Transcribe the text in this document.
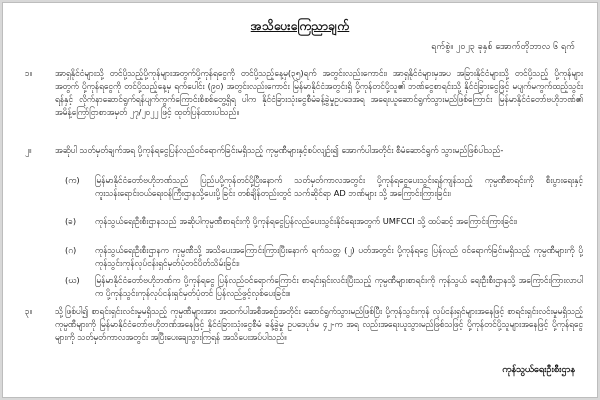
အသိပေးကြေညာချက်
ရက်စွဲ။ ၂၀၂၃ ခုနှစ် အောက်တိုဘာလ ၆ ရက်
၁။	အာရှနိုင်ငံများသို့ တင်ပို့သည့်ပို့ကုန်များအတွက်ပို့ကုန်ရငွေကို တင်ပို့သည့်နေ့မှ(၃၅)ရက် အတွင်းလည်းကောင်း၊ အာရှနိုင်ငံများမှအပ အခြားနိုင်ငံများသို့ တင်ပို့သည့် ပို့ကုန်များအတွက် ပို့ကုန်ရငွေကို တင်ပို့သည့်နေ့မှ ရက်ပေါင်း (၉၀) အတွင်းလည်းကောင်း မြန်မာနိုင်ငံအတွင်းရှိ ပို့ကုန်တင်ပို့သူ၏ ဘဏ်ငွေစာရင်းသို့ နိုင်ငံခြားငွေဖြင့် မပျက်မကွက်ထည့်သွင်းရန်နှင့် လိုက်နာဆောင်ရွက်ရန်ပျက်ကွက်ကြောင်းစိစစ်တွေ့ရှိရ ပါက နိုင်ငံခြားသုံးငွေစီမံခန့်ခွဲမှုဥပဒေအရ အရေးယူဆောင်ရွက်သွားမည်ဖြစ်ကြောင်း မြန်မာနိုင်ငံတော်ဗဟိုဘဏ်၏ အမိန့်ကြော်ငြာစာအမှတ် ၂၇/၂၀၂၂ ဖြင့် ထုတ်ပြန်ထားပါသည်။
၂။	အဆိုပါ သတ်မှတ်ချက်အရ ပို့ကုန်ရငွေပြန်လည်ဝင်ရောက်ခြင်းမရှိသည့် ကုမ္ပဏီများနှင့်စပ်လျဉ်း၍ အောက်ပါအတိုင်း စီမံဆောင်ရွက် သွားမည်ဖြစ်ပါသည်-
(က)	မြန်မာနိုင်ငံတော်ဗဟိုဘဏ်သည် ပြည်ပပို့ကုန်တင်ပို့ပြီးနောက် သတ်မှတ်ကာလအတွင်း ပို့ကုန်ရငွေပေးသွင်းရန်ကျန်သည့် ကုမ္ပဏီစာရင်းကို စီးပွားရေးနှင့်ကူးသန်းရောင်းဝယ်ရေးဝန်ကြီးဌာနသို့ပေးပို့ခြင်း တစ်ချိန်တည်းတွင် သက်ဆိုင်ရာ AD ဘဏ်များ သို့ အကြောင်းကြားခြင်း၊
(ခ)	ကုန်သွယ်ရေးဦးစီးဌာနသည် အဆိုပါကုမ္ပဏီစာရင်းကို ပို့ကုန်ရငွေပြန်လည်ပေးသွင်းနိုင်ရေးအတွက် UMFCCI သို့ ထပ်ဆင့် အကြောင်းကြားခြင်း၊
(ဂ)	ကုန်သွယ်ရေးဦးစီးဌာနက ကုမ္ပဏီသို့ အသိပေးအကြောင်းကြားပြီးနောက် ရက်သတ္တ (၂) ပတ်အတွင်း ပို့ကုန်ရငွေ ပြန်လည် ဝင်ရောက်ခြင်းမရှိသည့် ကုမ္ပဏီများကို ပို့ကုန်သွင်းကုန်လုပ်ငန်းရှင်မှတ်ပုံတင်ပိတ်သိမ်းခြင်း၊
(ဃ)	မြန်မာနိုင်ငံတော်ဗဟိုဘဏ်က ပို့ကုန်ရငွေ ပြန်လည်ဝင်ရောက်ကြောင်း စာရင်းရှင်းလင်းပြီးသည့် ကုမ္ပဏီများစာရင်းကို ကုန်သွယ် ရေးဦးစီးဌာနသို့ အကြောင်းကြားလာပါက ပို့ကုန်သွင်းကုန်လုပ်ငန်းရှင်မှတ်ပုံတင် ပြန်လည်ဖွင့်လှစ်ပေးခြင်း။
၃။	သို့ဖြစ်ပါ၍ စာရင်းရှင်းလင်းမှုမရှိသည့် ကုမ္ပဏီများအား အထက်ပါအစီအစဉ်အတိုင်း ဆောင်ရွက်သွားမည်ဖြစ်ပြီး ပို့ကုန်သွင်းကုန် လုပ်ငန်းရှင်များအနေဖြင့် စာရင်းရှင်းလင်းမှုမရှိသည့်ကုမ္ပဏီများကို မြန်မာနိုင်ငံတော်ဗဟိုဘဏ်အနေဖြင့် နိုင်ငံခြားသုံးငွေစီမံ ခန့်ခွဲမှု ဥပဒေပုဒ်မ ၄၂-က အရ လည်းအရေးယူသွားမည်ဖြစ်သဖြင့် ပို့ကုန်တင်ပို့သူများအနေဖြင့် ပို့ကုန်ရငွေများကို သတ်မှတ်ကာလအတွင်း အပြီးပေးချေသွားကြရန် အသိပေးအပ်ပါသည်။
ကုန်သွယ်ရေးဦးစီးဌာန
